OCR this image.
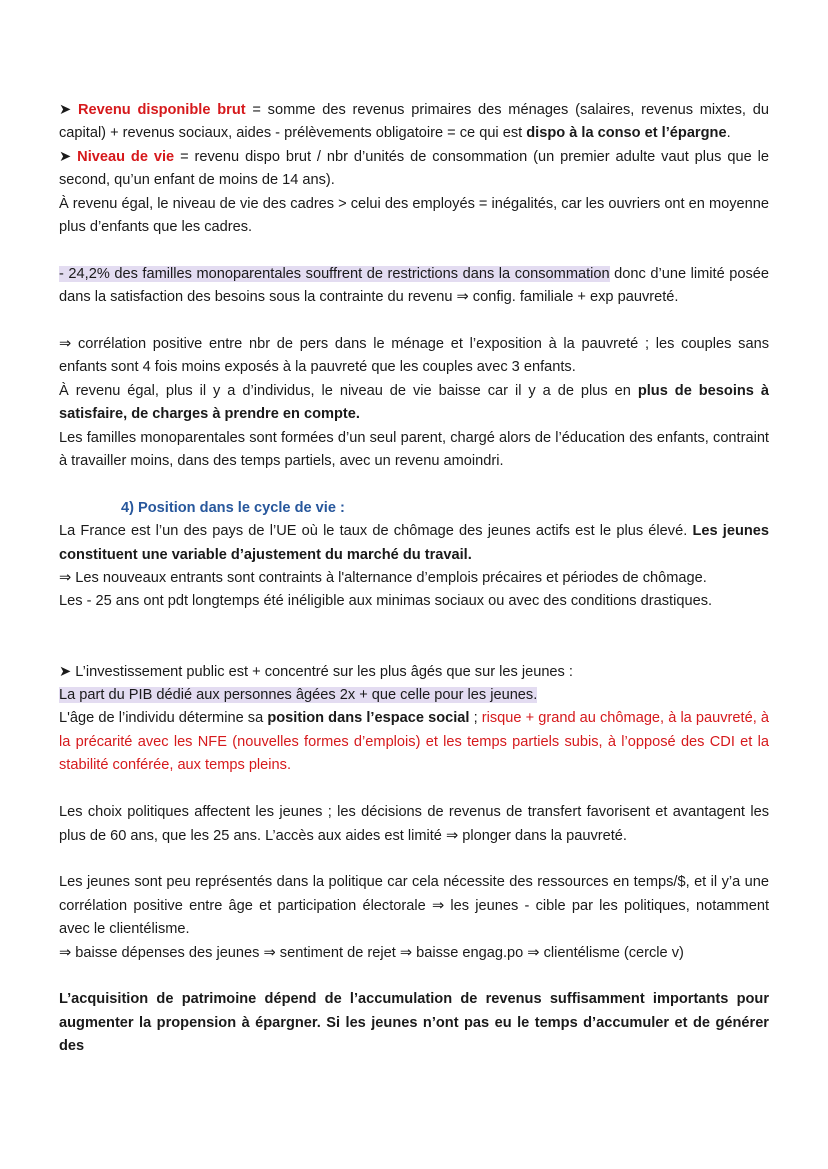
➤ Revenu disponible brut = somme des revenus primaires des ménages (salaires, revenus mixtes, du capital) + revenus sociaux, aides - prélèvements obligatoire = ce qui est dispo à la conso et l’épargne.

➤ Niveau de vie = revenu dispo brut / nbr d’unités de consommation (un premier adulte vaut plus que le second, qu’un enfant de moins de 14 ans).

À revenu égal, le niveau de vie des cadres > celui des employés = inégalités, car les ouvriers ont en moyenne plus d’enfants que les cadres.

- 24,2% des familles monoparentales souffrent de restrictions dans la consommation donc d’une limité posée dans la satisfaction des besoins sous la contrainte du revenu ⇒ config. familiale + exp pauvreté.

⇒ corrélation positive entre nbr de pers dans le ménage et l’exposition à la pauvreté ; les couples sans enfants sont 4 fois moins exposés à la pauvreté que les couples avec 3 enfants.

À revenu égal, plus il y a d’individus, le niveau de vie baisse car il y a de plus en plus de besoins à satisfaire, de charges à prendre en compte.

Les familles monoparentales sont formées d’un seul parent, chargé alors de l’éducation des enfants, contraint à travailler moins, dans des temps partiels, avec un revenu amoindri.

4) Position dans le cycle de vie :

La France est l’un des pays de l’UE où le taux de chômage des jeunes actifs est le plus élevé. Les jeunes constituent une variable d’ajustement du marché du travail.

⇒ Les nouveaux entrants sont contraints à l'alternance d’emplois précaires et périodes de chômage.

Les - 25 ans ont pdt longtemps été inéligible aux minimas sociaux ou avec des conditions drastiques.

➤ L’investissement public est + concentré sur les plus âgés que sur les jeunes :

La part du PIB dédié aux personnes âgées 2x + que celle pour les jeunes.

L'âge de l’individu détermine sa position dans l’espace social ; risque + grand au chômage, à la pauvreté, à la précarité avec les NFE (nouvelles formes d’emplois) et les temps partiels subis, à l’opposé des CDI et la stabilité conférée, aux temps pleins.

Les choix politiques affectent les jeunes ; les décisions de revenus de transfert favorisent et avantagent les plus de 60 ans, que les 25 ans. L’accès aux aides est limité ⇒ plonger dans la pauvreté.

Les jeunes sont peu représentés dans la politique car cela nécessite des ressources en temps/$, et il y’a une corrélation positive entre âge et participation électorale ⇒ les jeunes - cible par les politiques, notamment avec le clientélisme.

⇒ baisse dépenses des jeunes ⇒ sentiment de rejet ⇒ baisse engag.po ⇒ clientélisme (cercle v)

L’acquisition de patrimoine dépend de l’accumulation de revenus suffisamment importants pour augmenter la propension à épargner. Si les jeunes n’ont pas eu le temps d’accumuler et de générer des
